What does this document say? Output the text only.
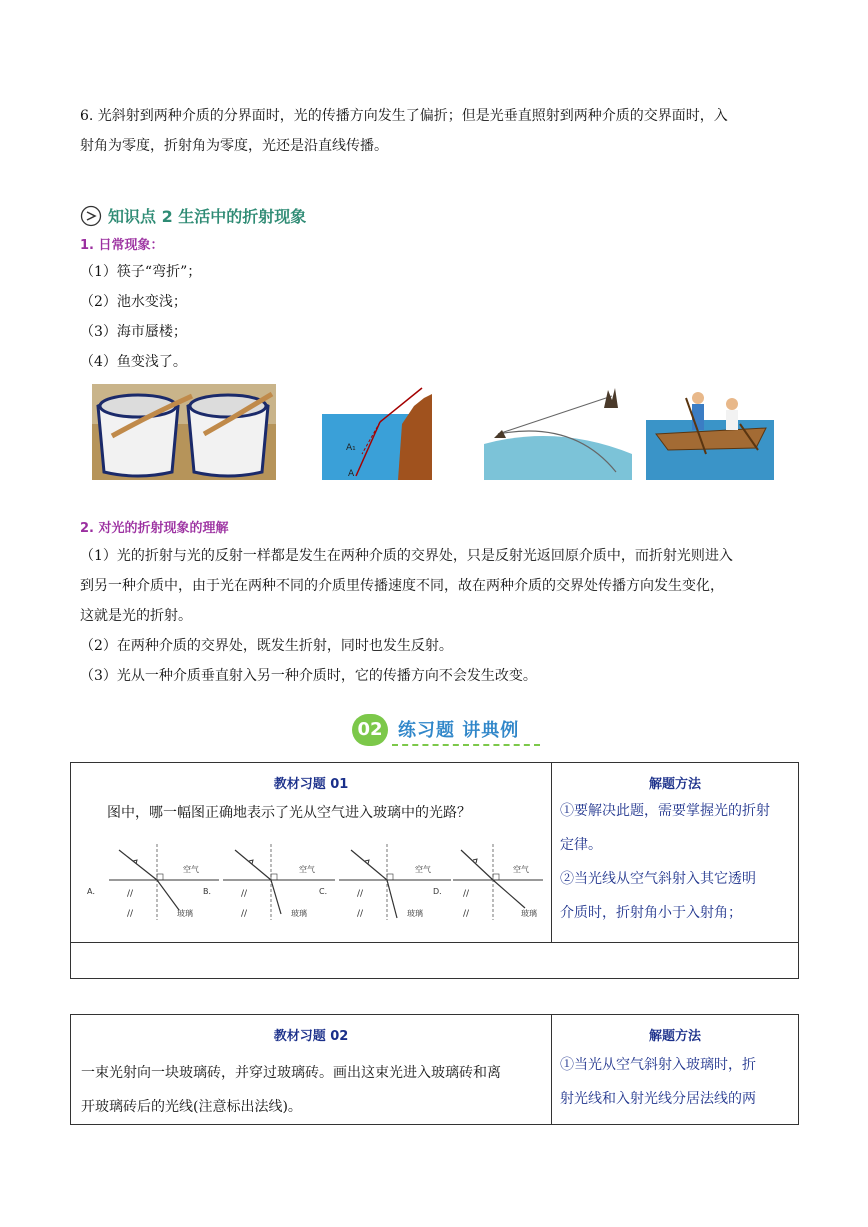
6. 光斜射到两种介质的分界面时，光的传播方向发生了偏折；但是光垂直照射到两种介质的交界面时，入
射角为零度，折射角为零度，光还是沿直线传播。
知识点 2 生活中的折射现象
1. 日常现象：
（1）筷子“弯折”；
（2）池水变浅；
（3）海市蜃楼；
（4）鱼变浅了。
A₁
A
2. 对光的折射现象的理解
（1）光的折射与光的反射一样都是发生在两种介质的交界处，只是反射光返回原介质中，而折射光则进入
到另一种介质中，由于光在两种不同的介质里传播速度不同，故在两种介质的交界处传播方向发生变化，
这就是光的折射。
（2）在两种介质的交界处，既发生折射，同时也发生反射。
（3）光从一种介质垂直射入另一种介质时，它的传播方向不会发生改变。
02 练习题 讲典例
教材习题 01
图中，哪一幅图正确地表示了光从空气进入玻璃中的光路？
A．
空气
玻璃
//
//
B．
空气
玻璃
//
//
C．
空气
玻璃
//
//
D．
空气
玻璃
//
//

解题方法
①要解决此题，需要掌握光的折射
定律。
②当光线从空气斜射入其它透明
介质时，折射角小于入射角；

教材习题 02
一束光射向一块玻璃砖，并穿过玻璃砖。画出这束光进入玻璃砖和离
开玻璃砖后的光线(注意标出法线)。

解题方法
①当光从空气斜射入玻璃时，折
射光线和入射光线分居法线的两
